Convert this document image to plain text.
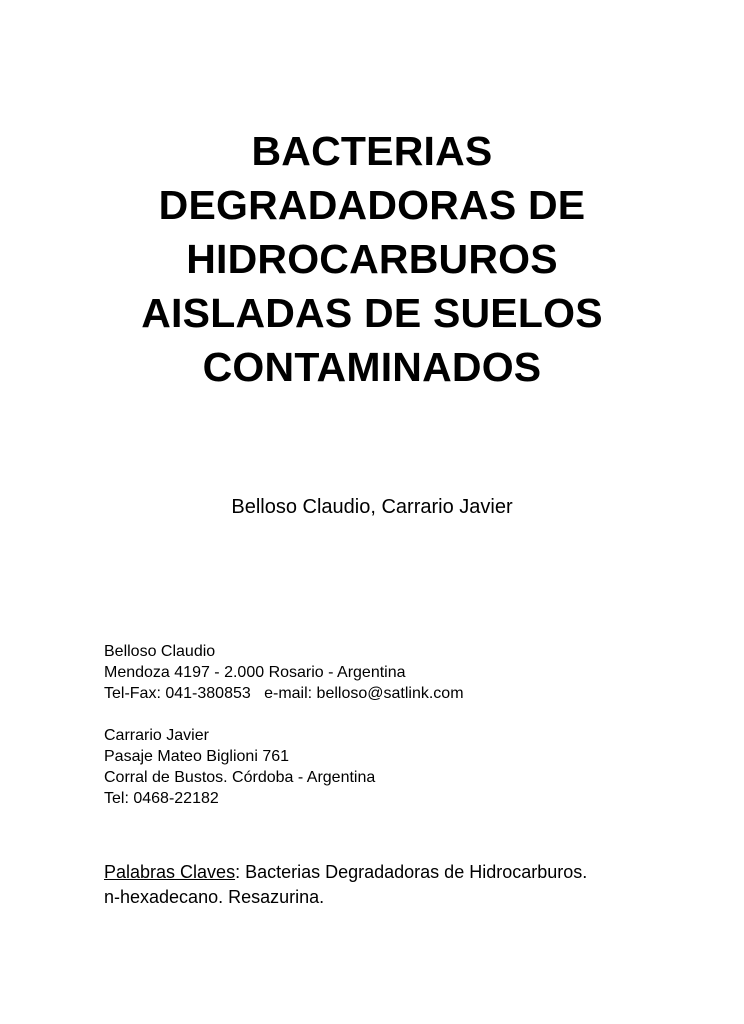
BACTERIAS
DEGRADADORAS DE
HIDROCARBUROS
AISLADAS DE SUELOS
CONTAMINADOS
Belloso Claudio, Carrario Javier
Belloso Claudio
Mendoza 4197 - 2.000 Rosario - Argentina
Tel-Fax: 041-380853   e-mail: belloso@satlink.com
Carrario Javier
Pasaje Mateo Biglioni 761
Corral de Bustos. Córdoba - Argentina
Tel: 0468-22182
Palabras Claves: Bacterias Degradadoras de Hidrocarburos.
n-hexadecano. Resazurina.
